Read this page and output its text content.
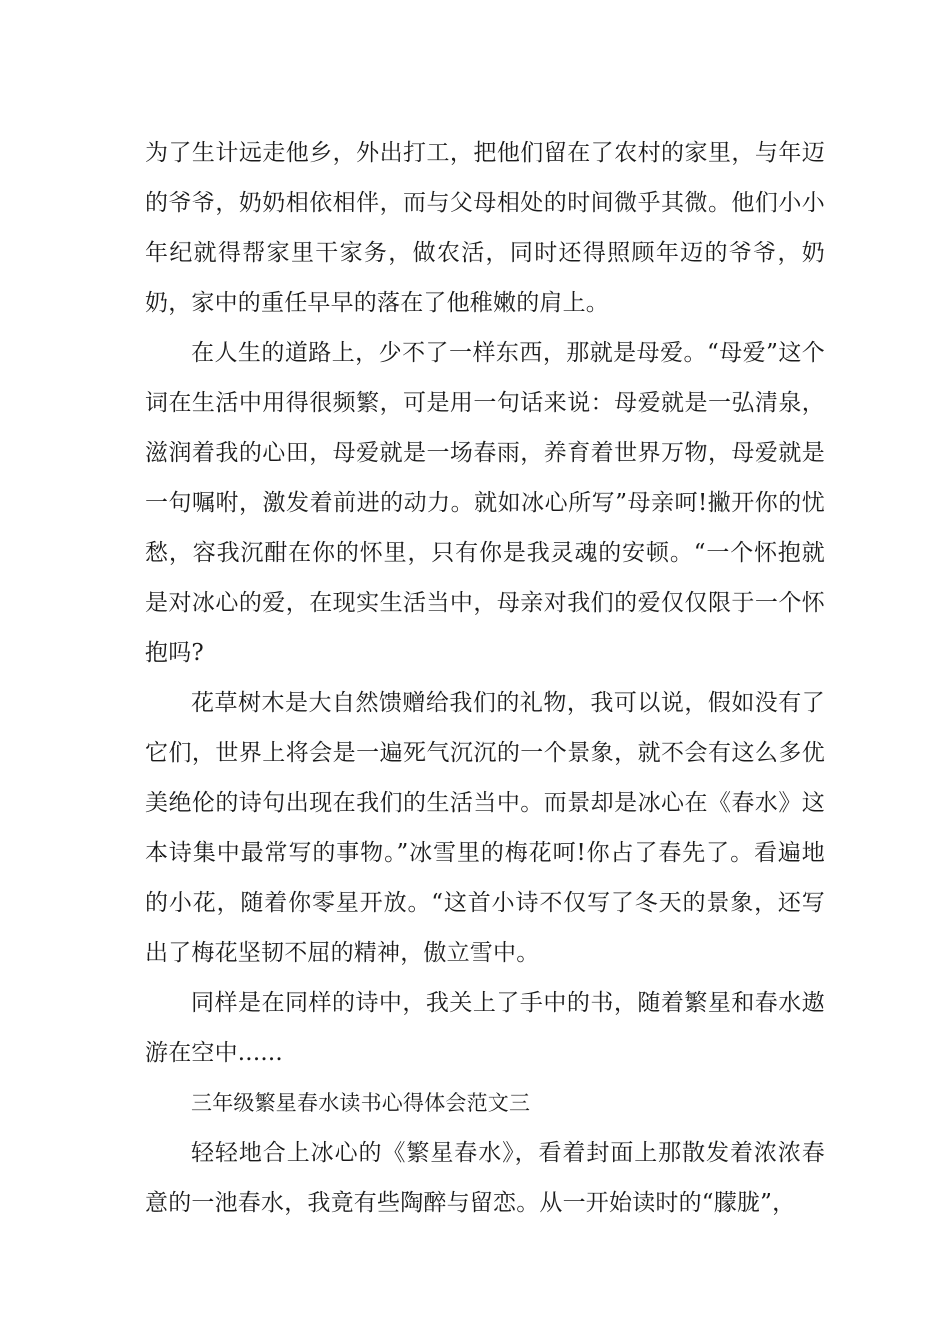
为了生计远走他乡，外出打工，把他们留在了农村的家里，与年迈的爷爷，奶奶相依相伴，而与父母相处的时间微乎其微。他们小小年纪就得帮家里干家务，做农活，同时还得照顾年迈的爷爷，奶奶，家中的重任早早的落在了他稚嫩的肩上。

在人生的道路上，少不了一样东西，那就是母爱。“母爱”这个词在生活中用得很频繁，可是用一句话来说：母爱就是一弘清泉，滋润着我的心田，母爱就是一场春雨，养育着世界万物，母爱就是一句嘱咐，激发着前进的动力。就如冰心所写”母亲呵!撇开你的忧愁，容我沉酣在你的怀里，只有你是我灵魂的安顿。“一个怀抱就是对冰心的爱，在现实生活当中，母亲对我们的爱仅仅限于一个怀抱吗?

花草树木是大自然馈赠给我们的礼物，我可以说，假如没有了它们，世界上将会是一遍死气沉沉的一个景象，就不会有这么多优美绝伦的诗句出现在我们的生活当中。而景却是冰心在《春水》这本诗集中最常写的事物。”冰雪里的梅花呵!你占了春先了。看遍地的小花，随着你零星开放。“这首小诗不仅写了冬天的景象，还写出了梅花坚韧不屈的精神，傲立雪中。

同样是在同样的诗中，我关上了手中的书，随着繁星和春水遨游在空中......

三年级繁星春水读书心得体会范文三

轻轻地合上冰心的《繁星春水》，看着封面上那散发着浓浓春意的一池春水，我竟有些陶醉与留恋。从一开始读时的“朦胧”，
